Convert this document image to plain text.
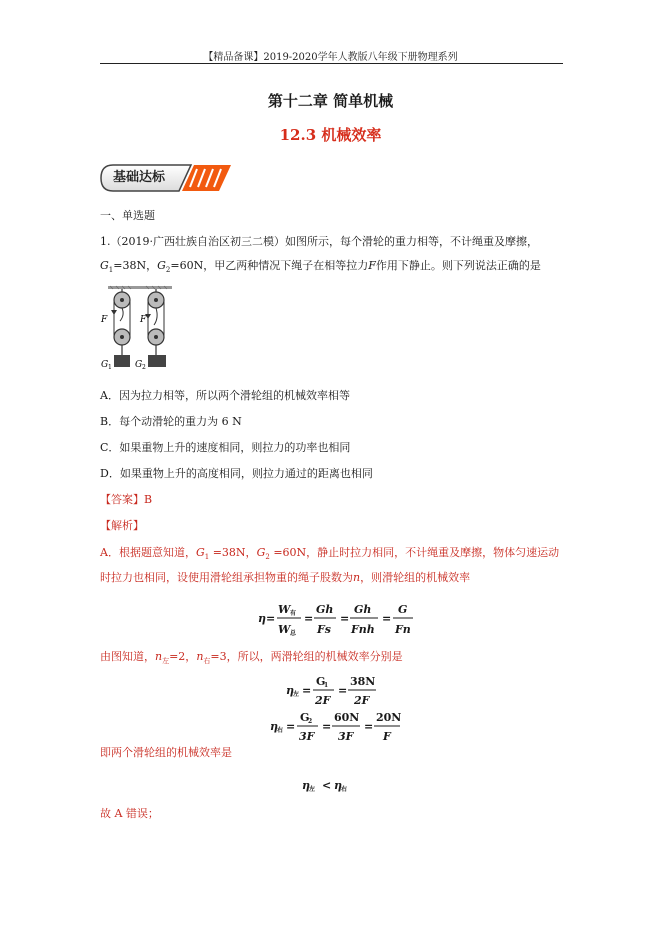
【精品备课】2019-2020学年人教版八年级下册物理系列
第十二章 简单机械
12.3 机械效率
基础达标
一、单选题
1.（2019·广西壮族自治区初三二模）如图所示，每个滑轮的重力相等，不计绳重及摩擦，
$G_1=38N$，$G_2=60N$，甲乙两种情况下绳子在相等拉力F作用下静止。则下列说法正确的是
F	F
G 1	G 2
A．因为拉力相等，所以两个滑轮组的机械效率相等
B．每个动滑轮的重力为 6 N
C．如果重物上升的速度相同，则拉力的功率也相同
D．如果重物上升的高度相同，则拉力通过的距离也相同
【答案】B
【解析】
A．根据题意知道，$G_1 =38N$，$G_2 =60N$，静止时拉力相同，不计绳重及摩擦，物体匀速运动
时拉力也相同，设使用滑轮组承担物重的绳子股数为n，则滑轮组的机械效率
η =
W 有
W 总
=
Gh
Fs
=
Gh
Fnh
=
G
Fn
由图知道，$n_左=2$，$n_右=3$，所以，两滑轮组的机械效率分别是
η 左 =
G
1
2F
=
38N
2F
η 右 =
G
2
3F
=
60N
3F
=
20N
F
即两个滑轮组的机械效率是
η 左 < η 右
故 A 错误；
